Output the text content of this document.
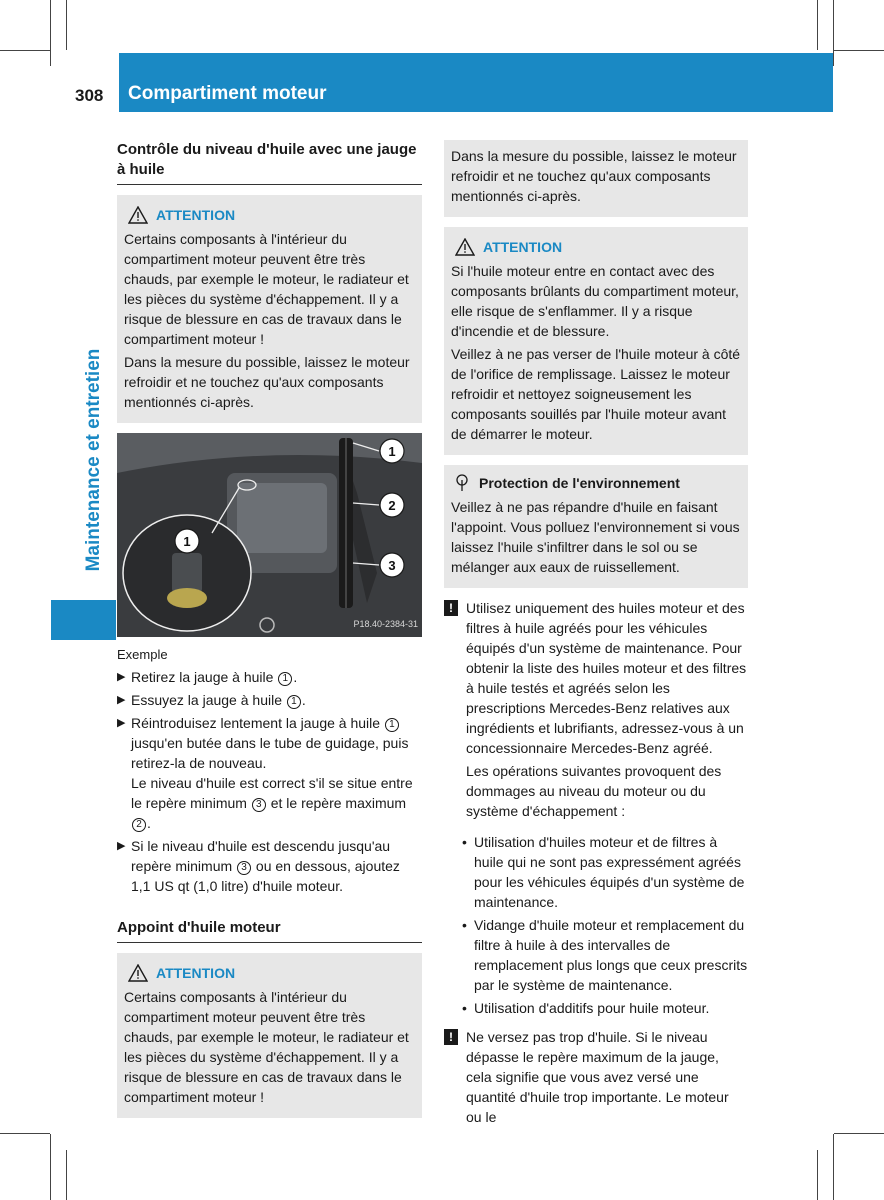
308 Compartiment moteur
Maintenance et entretien
Contrôle du niveau d'huile avec une jauge à huile
ATTENTION

Certains composants à l'intérieur du compartiment moteur peuvent être très chauds, par exemple le moteur, le radiateur et les pièces du système d'échappement. Il y a risque de blessure en cas de travaux dans le compartiment moteur !

Dans la mesure du possible, laissez le moteur refroidir et ne touchez qu'aux composants mentionnés ci-après.

1
2
3
1
P18.40-2384-31
Exemple
▶ Retirez la jauge à huile 1 .
▶ Essuyez la jauge à huile 1 .
▶ Réintroduisez lentement la jauge à huile 1 jusqu'en butée dans le tube de guidage, puis retirez-la de nouveau.
Le niveau d'huile est correct s'il se situe entre le repère minimum 3 et le repère maximum 2 .
▶ Si le niveau d'huile est descendu jusqu'au repère minimum 3 ou en dessous, ajoutez 1,1 US qt (1,0 litre) d'huile moteur.
Appoint d'huile moteur
ATTENTION

Certains composants à l'intérieur du compartiment moteur peuvent être très chauds, par exemple le moteur, le radiateur et les pièces du système d'échappement. Il y a risque de blessure en cas de travaux dans le compartiment moteur !

Dans la mesure du possible, laissez le moteur refroidir et ne touchez qu'aux composants mentionnés ci-après.

ATTENTION

Si l'huile moteur entre en contact avec des composants brûlants du compartiment moteur, elle risque de s'enflammer. Il y a risque d'incendie et de blessure.

Veillez à ne pas verser de l'huile moteur à côté de l'orifice de remplissage. Laissez le moteur refroidir et nettoyez soigneusement les composants souillés par l'huile moteur avant de démarrer le moteur.

Protection de l'environnement

Veillez à ne pas répandre d'huile en faisant l'appoint. Vous polluez l'environnement si vous laissez l'huile s'infiltrer dans le sol ou se mélanger aux eaux de ruissellement.

! Utilisez uniquement des huiles moteur et des filtres à huile agréés pour les véhicules équipés d'un système de maintenance. Pour obtenir la liste des huiles moteur et des filtres à huile testés et agréés selon les prescriptions Mercedes-Benz relatives aux ingrédients et lubrifiants, adressez-vous à un concessionnaire Mercedes-Benz agréé.

Les opérations suivantes provoquent des dommages au niveau du moteur ou du système d'échappement :

• Utilisation d'huiles moteur et de filtres à huile qui ne sont pas expressément agréés pour les véhicules équipés d'un système de maintenance.
• Vidange d'huile moteur et remplacement du filtre à huile à des intervalles de remplacement plus longs que ceux prescrits par le système de maintenance.
• Utilisation d'additifs pour huile moteur.
! Ne versez pas trop d'huile. Si le niveau dépasse le repère maximum de la jauge, cela signifie que vous avez versé une quantité d'huile trop importante. Le moteur ou le
